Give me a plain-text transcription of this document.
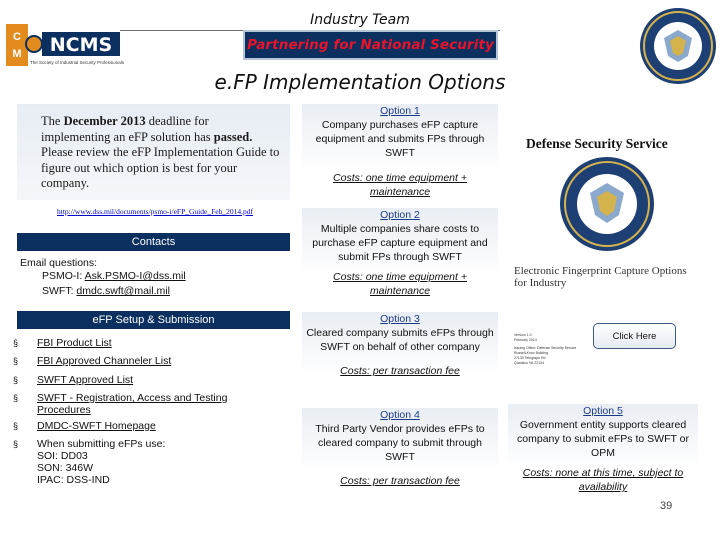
Industry Team
Partnering for National Security
C
M NCMS
The Society of Industrial Security Professionals
e.FP Implementation Options
The December 2013 deadline for implementing an eFP solution has passed. Please review the eFP Implementation Guide to figure out which option is best for your company.
http://www.dss.mil/documents/psmo-i/eFP_Guide_Feb_2014.pdf
Contacts
Email questions:
PSMO-I: Ask.PSMO-I@dss.mil
SWFT: dmdc.swft@mail.mil
eFP Setup & Submission
§ FBI Product List
§ FBI Approved Channeler List
§ SWFT Approved List
§ SWFT - Registration, Access and Testing Procedures
§ DMDC-SWFT Homepage
§ When submitting eFPs use:
SOI: DD03
SON: 346W
IPAC: DSS-IND
Option 1
Company purchases eFP capture equipment and submits FPs through SWFT
Costs: one time equipment + maintenance
Option 2
Multiple companies share costs to purchase eFP capture equipment and submit FPs through SWFT
Costs: one time equipment + maintenance
Option 3
Cleared company submits eFPs through SWFT on behalf of other company
Costs: per transaction fee
Option 4
Third Party Vendor provides eFPs to cleared company to submit through SWFT
Costs: per transaction fee
Option 5
Government entity supports cleared company to submit eFPs to SWFT or OPM
Costs: none at this time, subject to availability
Defense Security Service
Electronic Fingerprint Capture Options for Industry
Version 1.0
February 2014
Issuing Office: Defense Security Service
Russell-Knox Building
27130 Telegraph Rd
Quantico VA 22134
Click Here
39
